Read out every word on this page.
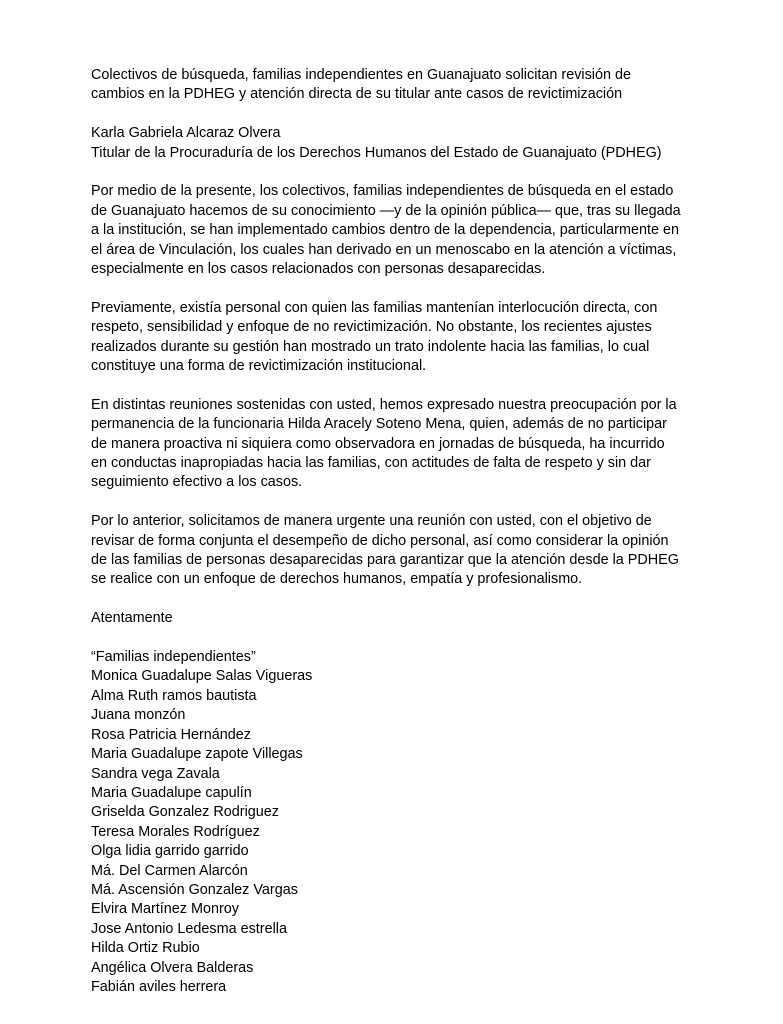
Colectivos de búsqueda, familias independientes en Guanajuato solicitan revisión de
cambios en la PDHEG y atención directa de su titular ante casos de revictimización
Karla Gabriela Alcaraz Olvera
Titular de la Procuraduría de los Derechos Humanos del Estado de Guanajuato (PDHEG)
Por medio de la presente, los colectivos, familias independientes de búsqueda en el estado
de Guanajuato hacemos de su conocimiento —y de la opinión pública— que, tras su llegada
a la institución, se han implementado cambios dentro de la dependencia, particularmente en
el área de Vinculación, los cuales han derivado en un menoscabo en la atención a víctimas,
especialmente en los casos relacionados con personas desaparecidas.
Previamente, existía personal con quien las familias mantenían interlocución directa, con
respeto, sensibilidad y enfoque de no revictimización. No obstante, los recientes ajustes
realizados durante su gestión han mostrado un trato indolente hacia las familias, lo cual
constituye una forma de revictimización institucional.
En distintas reuniones sostenidas con usted, hemos expresado nuestra preocupación por la
permanencia de la funcionaria Hilda Aracely Soteno Mena, quien, además de no participar
de manera proactiva ni siquiera como observadora en jornadas de búsqueda, ha incurrido
en conductas inapropiadas hacia las familias, con actitudes de falta de respeto y sin dar
seguimiento efectivo a los casos.
Por lo anterior, solicitamos de manera urgente una reunión con usted, con el objetivo de
revisar de forma conjunta el desempeño de dicho personal, así como considerar la opinión
de las familias de personas desaparecidas para garantizar que la atención desde la PDHEG
se realice con un enfoque de derechos humanos, empatía y profesionalismo.
Atentamente
“Familias independientes”
Monica Guadalupe Salas Vigueras
Alma Ruth ramos bautista
Juana monzón
Rosa Patricia Hernández
Maria Guadalupe zapote Villegas
Sandra vega Zavala
Maria Guadalupe capulín
Griselda Gonzalez Rodriguez
Teresa Morales Rodríguez
Olga lidia garrido garrido
Má. Del Carmen Alarcón
Má. Ascensión Gonzalez Vargas
Elvira Martínez Monroy
Jose Antonio Ledesma estrella
Hilda Ortiz Rubio
Angélica Olvera Balderas
Fabián aviles herrera
